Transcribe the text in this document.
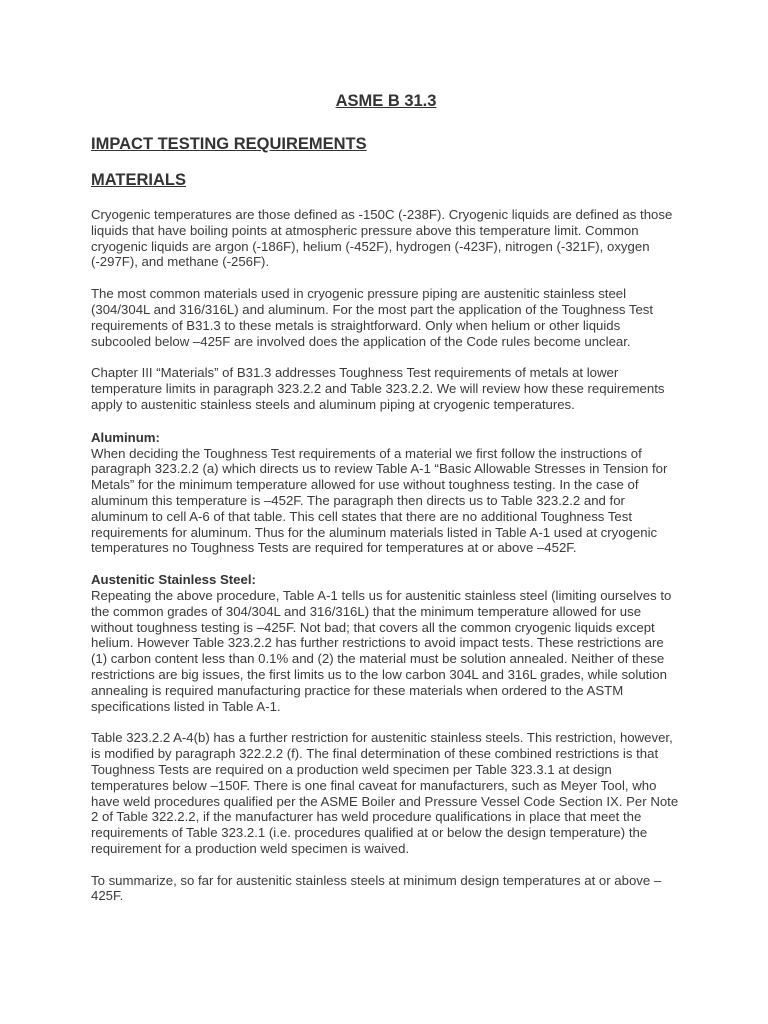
ASME B 31.3
IMPACT TESTING REQUIREMENTS
MATERIALS

Cryogenic temperatures are those defined as -150C (-238F). Cryogenic liquids are defined as those liquids that have boiling points at atmospheric pressure above this temperature limit. Common cryogenic liquids are argon (-186F), helium (-452F), hydrogen (-423F), nitrogen (-321F), oxygen (-297F), and methane (-256F).

The most common materials used in cryogenic pressure piping are austenitic stainless steel (304/304L and 316/316L) and aluminum. For the most part the application of the Toughness Test requirements of B31.3 to these metals is straightforward. Only when helium or other liquids subcooled below –425F are involved does the application of the Code rules become unclear.

Chapter III “Materials” of B31.3 addresses Toughness Test requirements of metals at lower temperature limits in paragraph 323.2.2 and Table 323.2.2. We will review how these requirements apply to austenitic stainless steels and aluminum piping at cryogenic temperatures.

Aluminum:
When deciding the Toughness Test requirements of a material we first follow the instructions of paragraph 323.2.2 (a) which directs us to review Table A-1 “Basic Allowable Stresses in Tension for Metals” for the minimum temperature allowed for use without toughness testing. In the case of aluminum this temperature is –452F. The paragraph then directs us to Table 323.2.2 and for aluminum to cell A-6 of that table. This cell states that there are no additional Toughness Test requirements for aluminum. Thus for the aluminum materials listed in Table A-1 used at cryogenic temperatures no Toughness Tests are required for temperatures at or above –452F.
Austenitic Stainless Steel:
Repeating the above procedure, Table A-1 tells us for austenitic stainless steel (limiting ourselves to the common grades of 304/304L and 316/316L) that the minimum temperature allowed for use without toughness testing is –425F. Not bad; that covers all the common cryogenic liquids except helium. However Table 323.2.2 has further restrictions to avoid impact tests. These restrictions are (1) carbon content less than 0.1% and (2) the material must be solution annealed. Neither of these restrictions are big issues, the first limits us to the low carbon 304L and 316L grades, while solution annealing is required manufacturing practice for these materials when ordered to the ASTM specifications listed in Table A-1.

Table 323.2.2 A-4(b) has a further restriction for austenitic stainless steels. This restriction, however, is modified by paragraph 322.2.2 (f). The final determination of these combined restrictions is that Toughness Tests are required on a production weld specimen per Table 323.3.1 at design temperatures below –150F. There is one final caveat for manufacturers, such as Meyer Tool, who have weld procedures qualified per the ASME Boiler and Pressure Vessel Code Section IX. Per Note 2 of Table 322.2.2, if the manufacturer has weld procedure qualifications in place that meet the requirements of Table 323.2.1 (i.e. procedures qualified at or below the design temperature) the requirement for a production weld specimen is waived.

To summarize, so far for austenitic stainless steels at minimum design temperatures at or above –425F.
